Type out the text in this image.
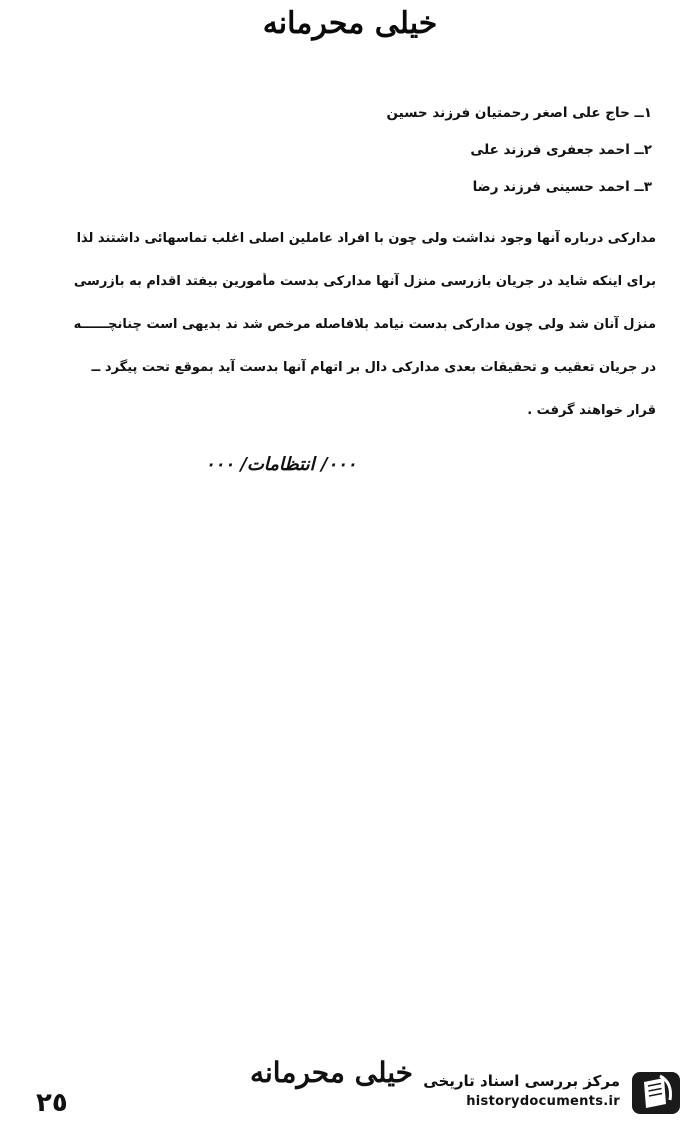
خیلی محرمانه
١ــ حاج علی اصغر رحمتیان فرزند حسین
٢ــ احمد جعفری فرزند علی
٣ــ احمد حسینی فرزند رضا
مدارکی درباره آنها وجود نداشت ولی چون با افراد عاملین اصلی اغلب تماسهائی داشتند لذا
برای اینکه شاید در جریان بازرسی منزل آنها مدارکی بدست مأمورین بیفتد اقدام به بازرسی
منزل آنان شد ولی چون مدارکی بدست نیامد بلافاصله مرخص شد ند بدیهی است چنانچــــــه
در جریان تعقیب و تحقیقات بعدی مدارکی دال بر اتهام آنها بدست آید بموقع تحت پیگرد ــ
قرار خواهند گرفت .
٠٠٠/ انتظامات/ ٠٠٠
خیلی محرمانه
٢٥
مرکز بررسی اسناد تاریخی
historydocuments.ir
